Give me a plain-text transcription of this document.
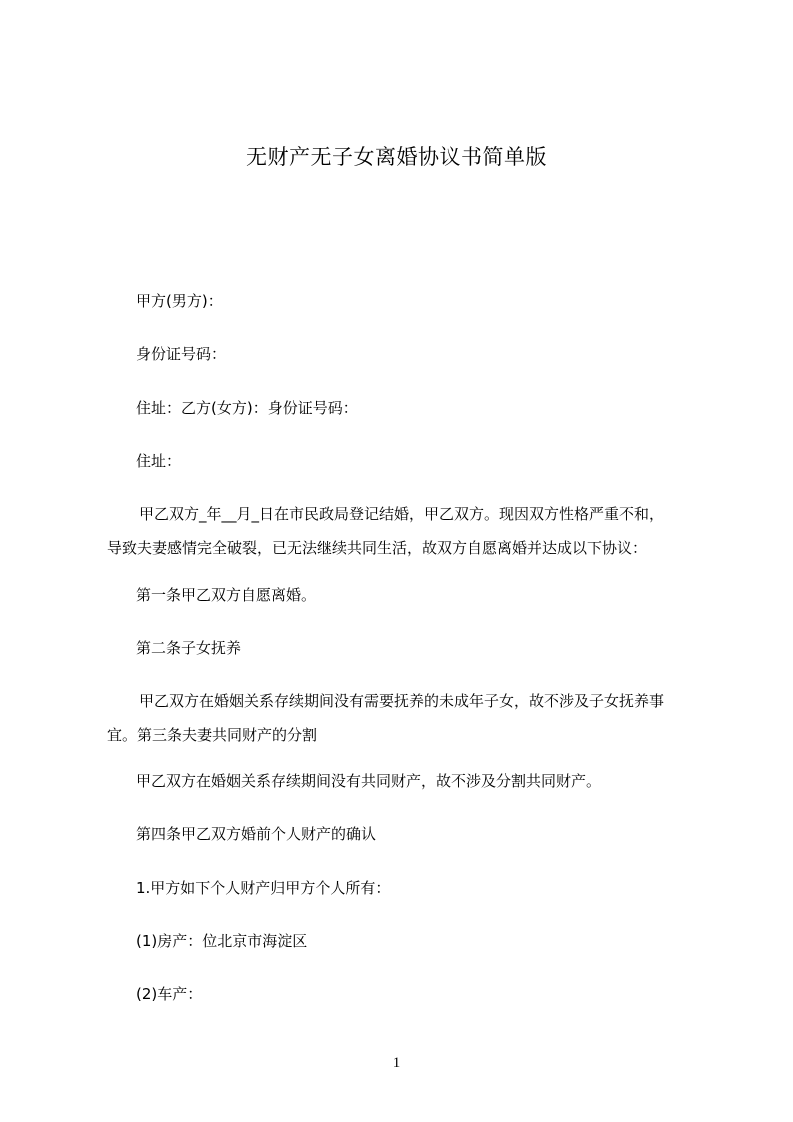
无财产无子女离婚协议书简单版
甲方(男方)：
身份证号码：
住址：乙方(女方)：身份证号码：
住址：
甲乙双方_年__月_日在市民政局登记结婚，甲乙双方。现因双方性格严重不和，
导致夫妻感情完全破裂，已无法继续共同生活，故双方自愿离婚并达成以下协议：
第一条甲乙双方自愿离婚。
第二条子女抚养
甲乙双方在婚姻关系存续期间没有需要抚养的未成年子女，故不涉及子女抚养事
宜。第三条夫妻共同财产的分割
甲乙双方在婚姻关系存续期间没有共同财产，故不涉及分割共同财产。
第四条甲乙双方婚前个人财产的确认
1.甲方如下个人财产归甲方个人所有：
(1)房产：位北京市海淀区
(2)车产：
1
